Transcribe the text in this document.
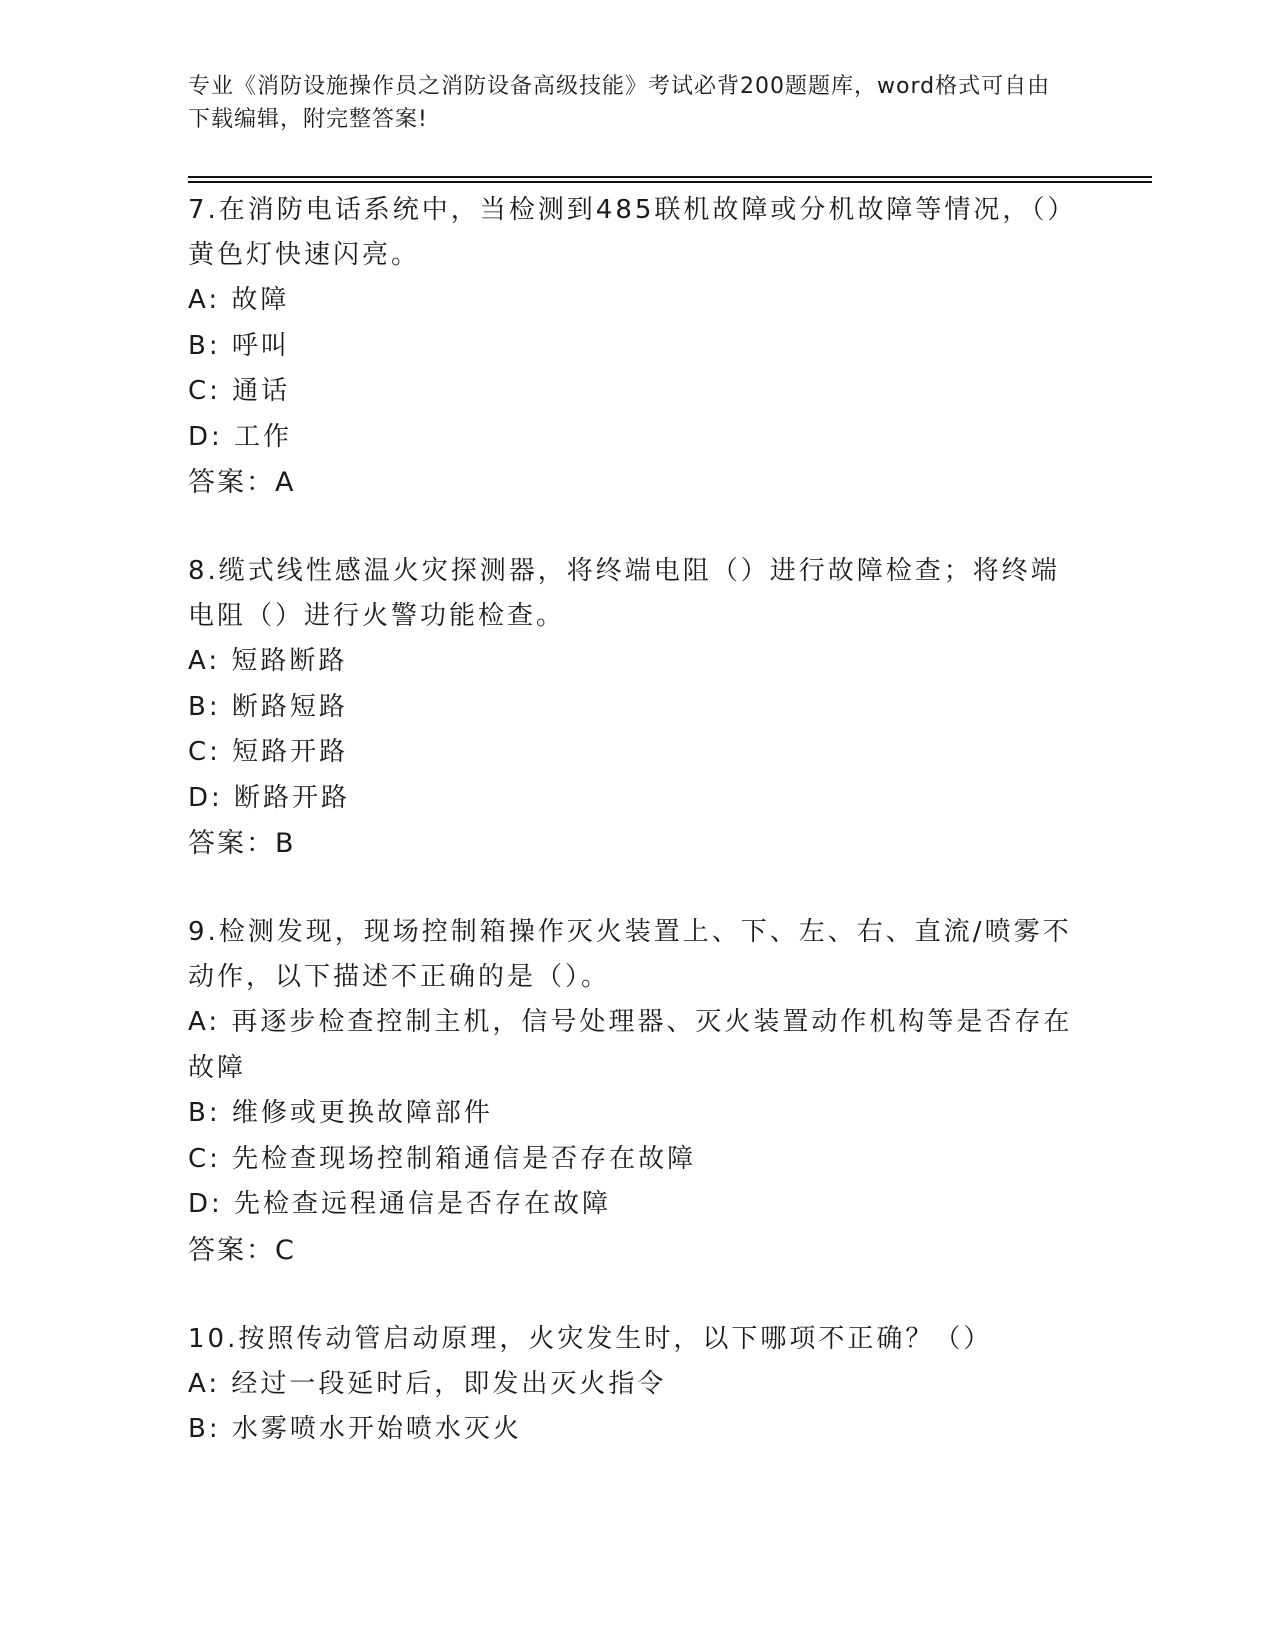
专业《消防设施操作员之消防设备高级技能》考试必背200题题库，word格式可自由下载编辑，附完整答案!
7.在消防电话系统中，当检测到485联机故障或分机故障等情况，（）黄色灯快速闪亮。
A: 故障
B: 呼叫
C: 通话
D: 工作
答案：A
8.缆式线性感温火灾探测器，将终端电阻（）进行故障检查；将终端电阻（）进行火警功能检查。
A: 短路断路
B: 断路短路
C: 短路开路
D: 断路开路
答案：B
9.检测发现，现场控制箱操作灭火装置上、下、左、右、直流/喷雾不动作，以下描述不正确的是（）。
A: 再逐步检查控制主机，信号处理器、灭火装置动作机构等是否存在故障
B: 维修或更换故障部件
C: 先检查现场控制箱通信是否存在故障
D: 先检查远程通信是否存在故障
答案：C
10.按照传动管启动原理，火灾发生时，以下哪项不正确？（）
A: 经过一段延时后，即发出灭火指令
B: 水雾喷水开始喷水灭火
